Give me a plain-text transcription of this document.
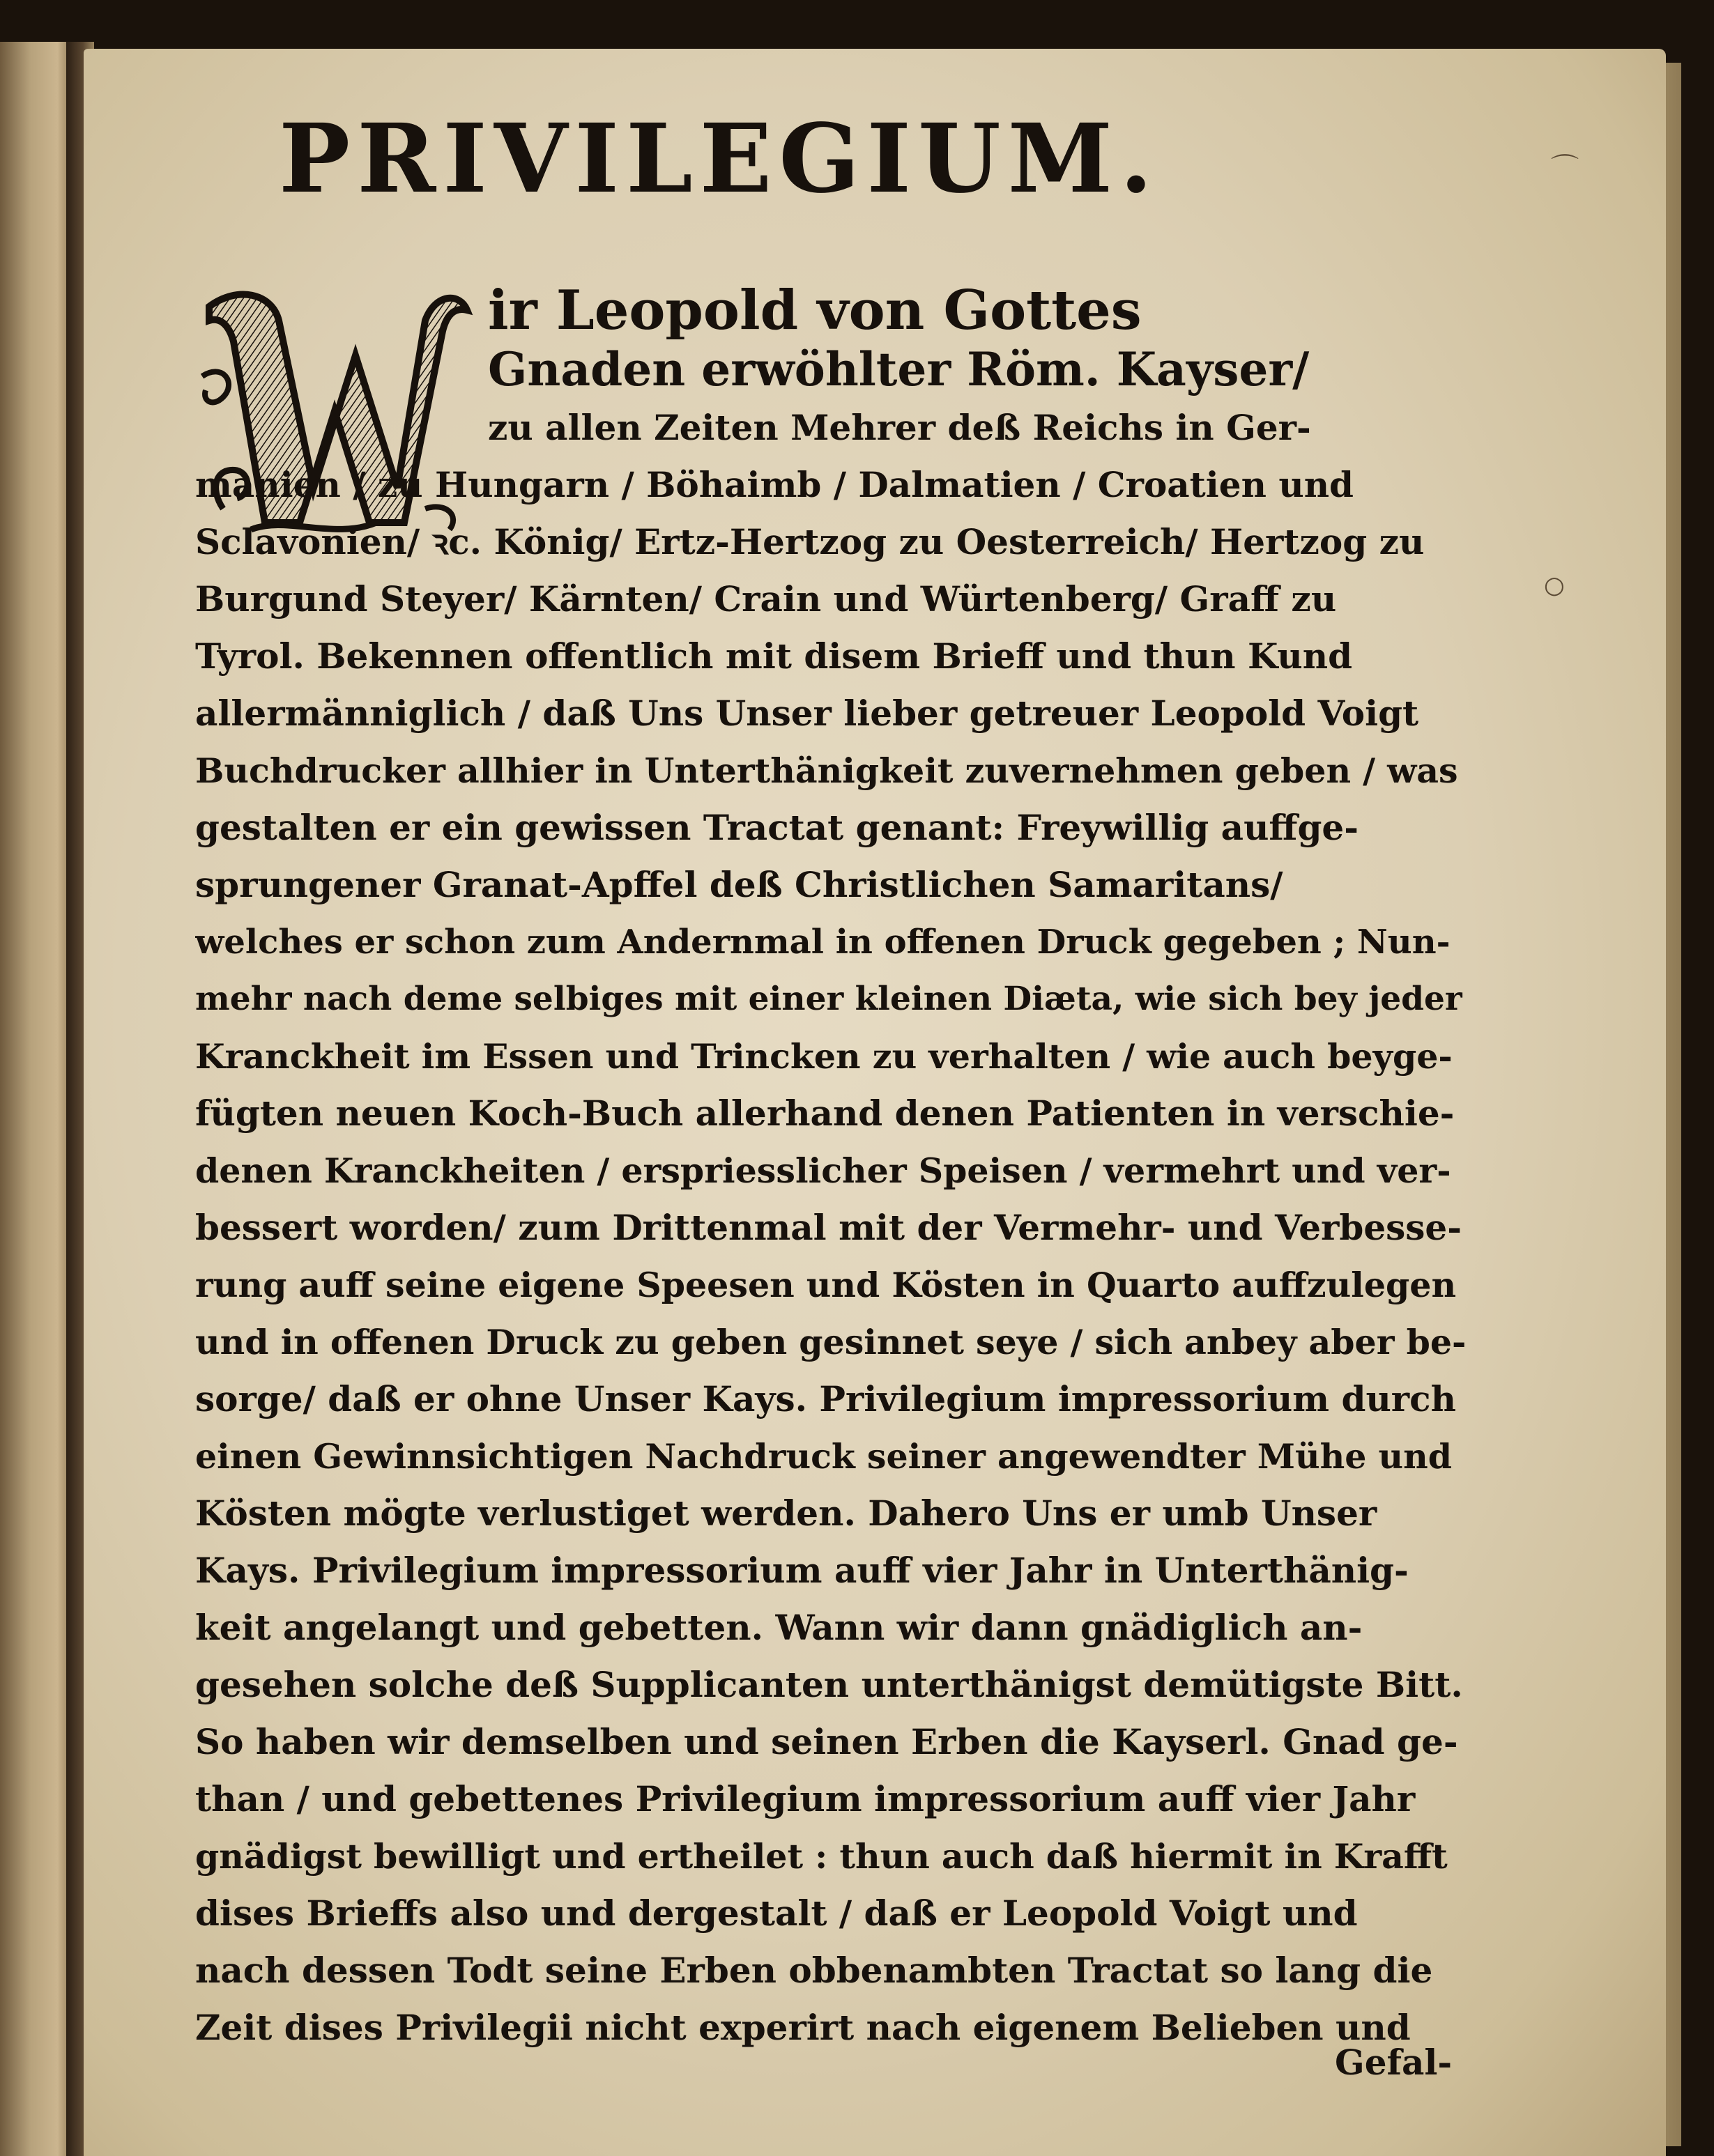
PRIVILEGIUM.
W
ir Leopold von Gottes
Gnaden erwöhlter Röm. Kayser/
zu allen Zeiten Mehrer deß Reichs in Ger-
manien / zu Hungarn / Böhaimb / Dalmatien / Croatien und
Sclavonien/ ꝛc. König/ Ertz-Hertzog zu Oesterreich/ Hertzog zu
Burgund Steyer/ Kärnten/ Crain und Würtenberg/ Graff zu
Tyrol. Bekennen offentlich mit disem Brieff und thun Kund
allermänniglich / daß Uns Unser lieber getreuer Leopold Voigt
Buchdrucker allhier in Unterthänigkeit zuvernehmen geben / was
gestalten er ein gewissen Tractat genant: Freywillig auffge-
sprungener Granat-Apffel deß Christlichen Samaritans/
welches er schon zum Andernmal in offenen Druck gegeben ; Nun-
mehr nach deme selbiges mit einer kleinen Diæta, wie sich bey jeder
Kranckheit im Essen und Trincken zu verhalten / wie auch beyge-
fügten neuen Koch-Buch allerhand denen Patienten in verschie-
denen Kranckheiten / erspriesslicher Speisen / vermehrt und ver-
bessert worden/ zum Drittenmal mit der Vermehr- und Verbesse-
rung auff seine eigene Speesen und Kösten in Quarto auffzulegen
und in offenen Druck zu geben gesinnet seye / sich anbey aber be-
sorge/ daß er ohne Unser Kays. Privilegium impressorium durch
einen Gewinnsichtigen Nachdruck seiner angewendter Mühe und
Kösten mögte verlustiget werden. Dahero Uns er umb Unser
Kays. Privilegium impressorium auff vier Jahr in Unterthänig-
keit angelangt und gebetten. Wann wir dann gnädiglich an-
gesehen solche deß Supplicanten unterthänigst demütigste Bitt.
So haben wir demselben und seinen Erben die Kayserl. Gnad ge-
than / und gebettenes Privilegium impressorium auff vier Jahr
gnädigst bewilligt und ertheilet : thun auch daß hiermit in Krafft
dises Brieffs also und dergestalt / daß er Leopold Voigt und
nach dessen Todt seine Erben obbenambten Tractat so lang die
Zeit dises Privilegii nicht experirt nach eigenem Belieben und
Gefal-
○
⌒
